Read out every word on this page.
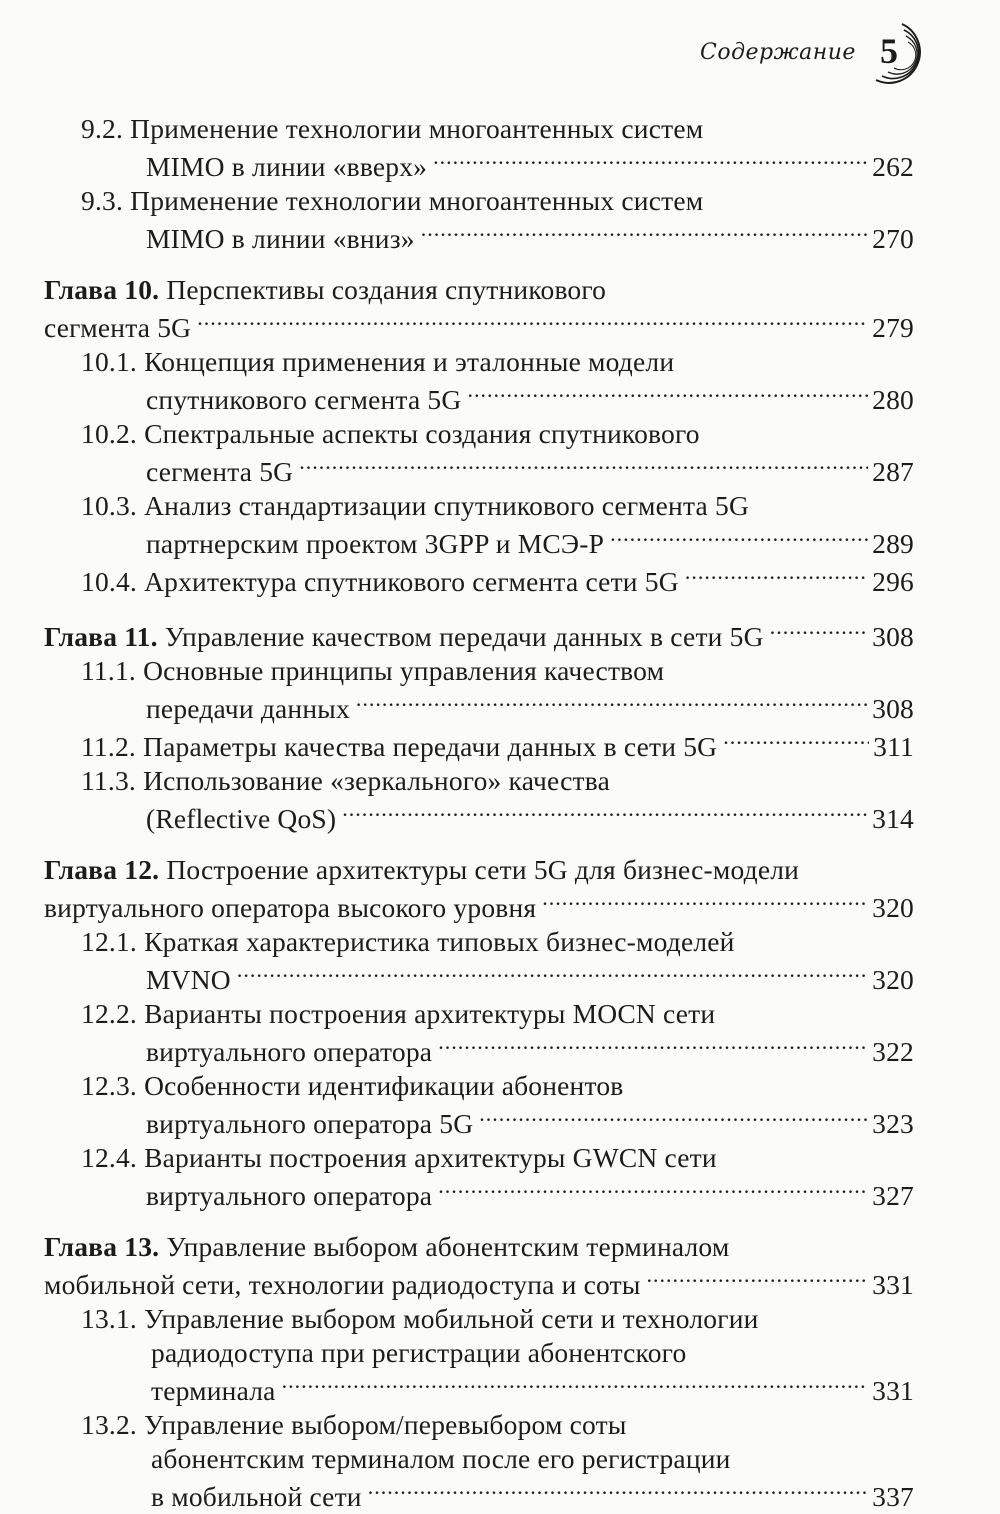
Содержание 5
9.2. Применение технологии многоантенных систем
MIMO в линии «вверх» .....	262
9.3. Применение технологии многоантенных систем
MIMO в линии «вниз» .....	270
Глава 10. Перспективы создания спутникового
сегмента 5G .....	279
10.1. Концепция применения и эталонные модели
спутникового сегмента 5G .....	280
10.2. Спектральные аспекты создания спутникового
сегмента 5G .....	287
10.3. Анализ стандартизации спутникового сегмента 5G
партнерским проектом 3GPP и МСЭ-Р .....	289
10.4. Архитектура спутникового сегмента сети 5G .....	296
Глава 11. Управление качеством передачи данных в сети 5G .....	308
11.1. Основные принципы управления качеством
передачи данных .....	308
11.2. Параметры качества передачи данных в сети 5G .....	311
11.3. Использование «зеркального» качества
(Reflective QoS) .....	314
Глава 12. Построение архитектуры сети 5G для бизнес-модели
виртуального оператора высокого уровня .....	320
12.1. Краткая характеристика типовых бизнес-моделей
MVNO .....	320
12.2. Варианты построения архитектуры MOCN сети
виртуального оператора .....	322
12.3. Особенности идентификации абонентов
виртуального оператора 5G .....	323
12.4. Варианты построения архитектуры GWCN сети
виртуального оператора .....	327
Глава 13. Управление выбором абонентским терминалом
мобильной сети, технологии радиодоступа и соты .....	331
13.1. Управление выбором мобильной сети и технологии
радиодоступа при регистрации абонентского
терминала .....	331
13.2. Управление выбором/перевыбором соты
абонентским терминалом после его регистрации
в мобильной сети .....	337
